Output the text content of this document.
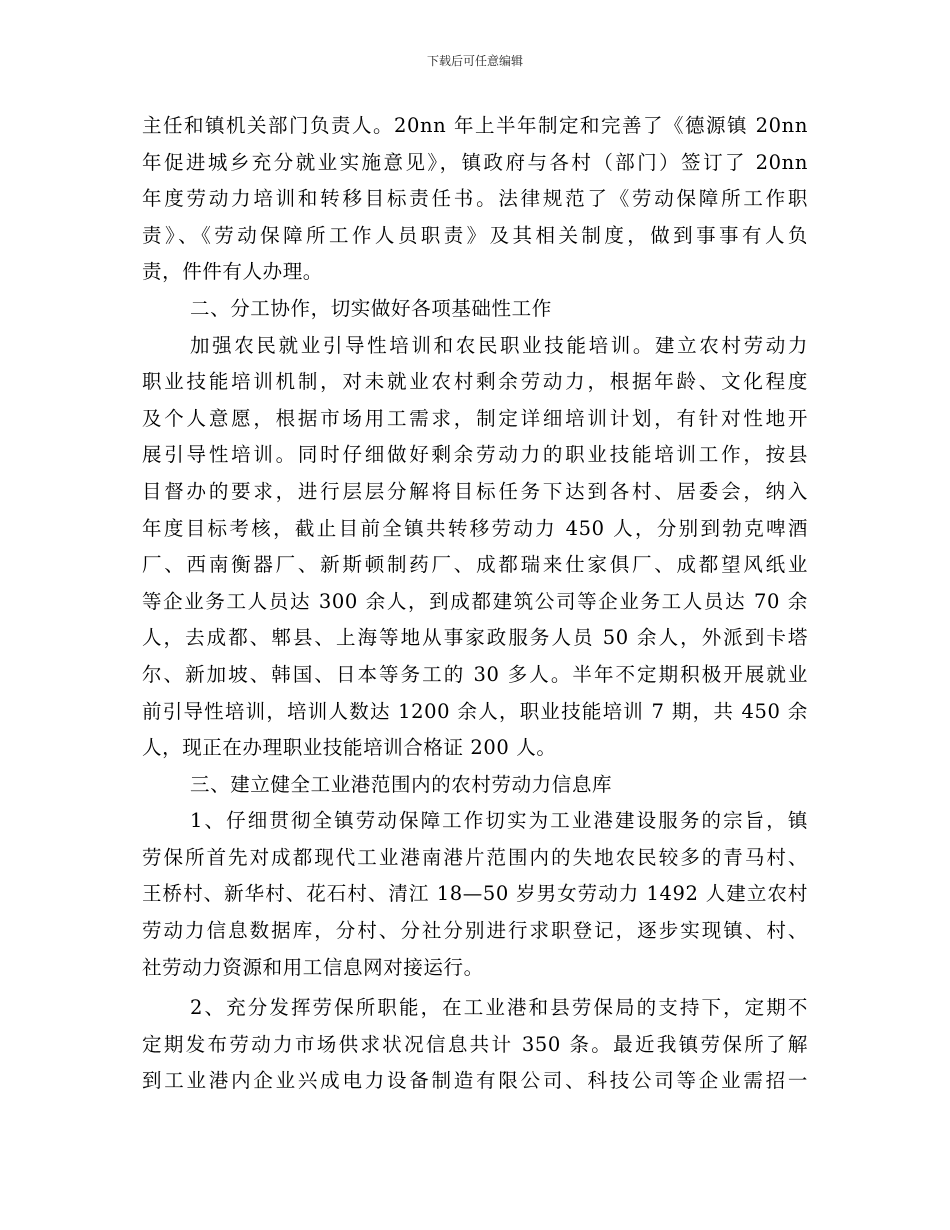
下载后可任意编辑
主任和镇机关部门负责人。20nn 年上半年制定和完善了《德源镇 20nn
年促进城乡充分就业实施意见》，镇政府与各村（部门）签订了 20nn
年度劳动力培训和转移目标责任书。法律规范了《劳动保障所工作职
责》、《劳动保障所工作人员职责》及其相关制度，做到事事有人负
责，件件有人办理。
二、分工协作，切实做好各项基础性工作
加强农民就业引导性培训和农民职业技能培训。建立农村劳动力
职业技能培训机制，对未就业农村剩余劳动力，根据年龄、文化程度
及个人意愿，根据市场用工需求，制定详细培训计划，有针对性地开
展引导性培训。同时仔细做好剩余劳动力的职业技能培训工作，按县
目督办的要求，进行层层分解将目标任务下达到各村、居委会，纳入
年度目标考核，截止目前全镇共转移劳动力 450 人，分别到勃克啤酒
厂、西南衡器厂、新斯顿制药厂、成都瑞来仕家俱厂、成都望风纸业
等企业务工人员达 300 余人，到成都建筑公司等企业务工人员达 70 余
人，去成都、郫县、上海等地从事家政服务人员 50 余人，外派到卡塔
尔、新加坡、韩国、日本等务工的 30 多人。半年不定期积极开展就业
前引导性培训，培训人数达 1200 余人，职业技能培训 7 期，共 450 余
人，现正在办理职业技能培训合格证 200 人。
三、建立健全工业港范围内的农村劳动力信息库
1、仔细贯彻全镇劳动保障工作切实为工业港建设服务的宗旨，镇
劳保所首先对成都现代工业港南港片范围内的失地农民较多的青马村、
王桥村、新华村、花石村、清江 18—50 岁男女劳动力 1492 人建立农村
劳动力信息数据库，分村、分社分别进行求职登记，逐步实现镇、村、
社劳动力资源和用工信息网对接运行。
2、充分发挥劳保所职能，在工业港和县劳保局的支持下，定期不
定期发布劳动力市场供求状况信息共计 350 条。最近我镇劳保所了解
到工业港内企业兴成电力设备制造有限公司、科技公司等企业需招一
